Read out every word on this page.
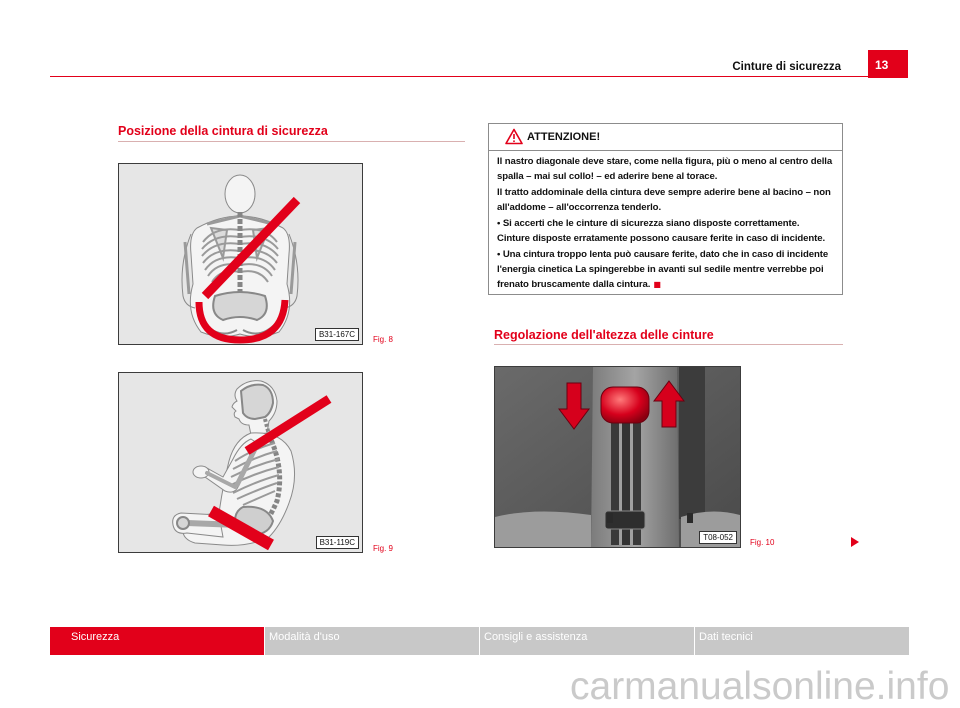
Cinture di sicurezza	13
Posizione della cintura di sicurezza
B31-167C
Fig. 8
B31-119C
Fig. 9
ATTENZIONE!
Il nastro diagonale deve stare, come nella figura, più o meno al centro della
spalla – mai sul collo! – ed aderire bene al torace.
Il tratto addominale della cintura deve sempre aderire bene al bacino – non
all'addome – all'occorrenza tenderlo.
• Si accerti che le cinture di sicurezza siano disposte correttamente.
Cinture disposte erratamente possono causare ferite in caso di incidente.
• Una cintura troppo lenta può causare ferite, dato che in caso di incidente
l'energia cinetica La spingerebbe in avanti sul sedile mentre verrebbe poi
frenato bruscamente dalla cintura. ■
Regolazione dell'altezza delle cinture
T08-052
Fig. 10
Sicurezza	Modalità d'uso	Consigli e assistenza	Dati tecnici
carmanualsonline.info
